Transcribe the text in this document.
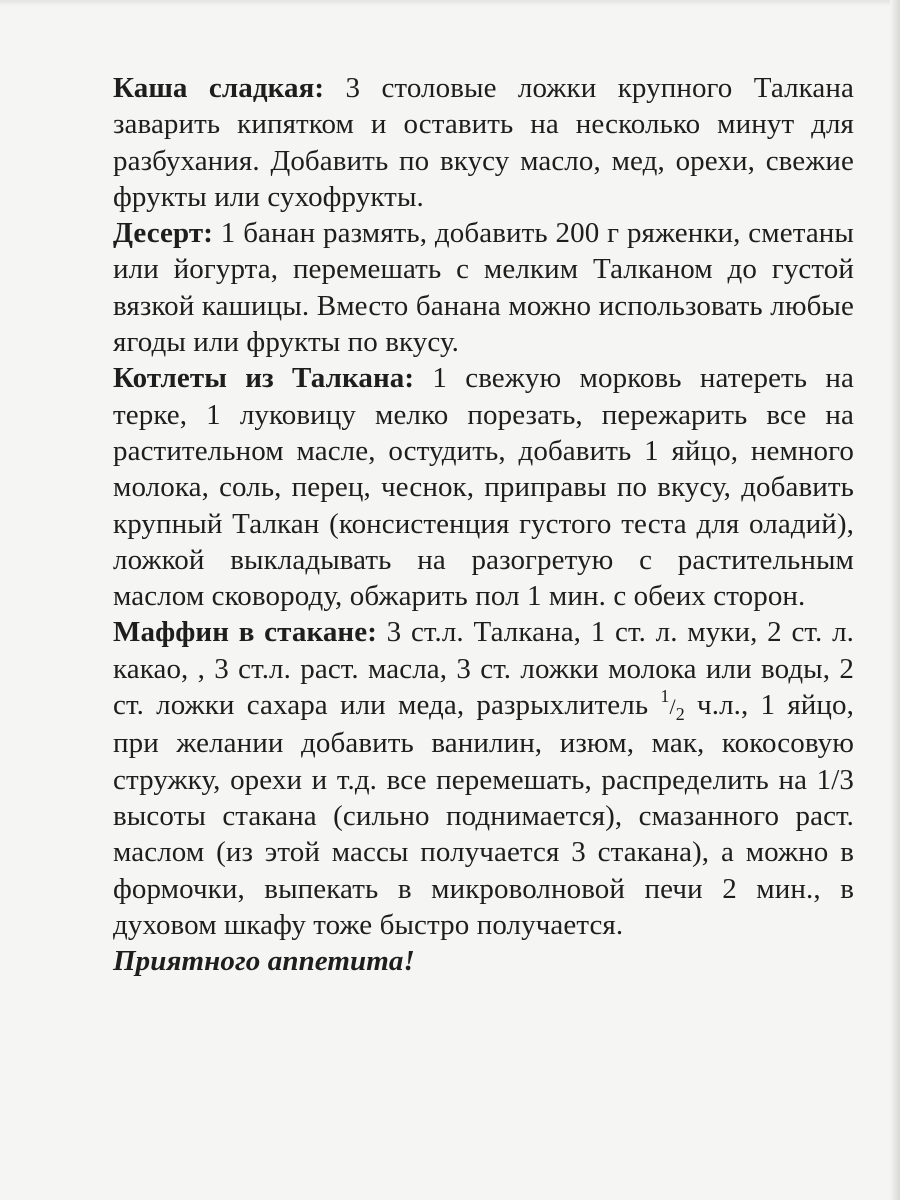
Каша сладкая: 3 столовые ложки крупного Талкана заварить кипятком и оставить на несколько минут для разбухания. Добавить по вкусу масло, мед, орехи, свежие фрукты или сухофрукты.

Десерт: 1 банан размять, добавить 200 г ряженки, сметаны или йогурта, перемешать с мелким Талканом до густой вязкой кашицы. Вместо банана можно использовать любые ягоды или фрукты по вкусу.

Котлеты из Талкана: 1 свежую морковь натереть на терке, 1 луковицу мелко порезать, пережарить все на растительном масле, остудить, добавить 1 яйцо, немного молока, соль, перец, чеснок, приправы по вкусу, добавить крупный Талкан (консистенция густого теста для оладий), ложкой выкладывать на разогретую с растительным маслом сковороду, обжарить пол 1 мин. с обеих сторон.

Маффин в стакане: 3 ст.л. Талкана, 1 ст. л. муки, 2 ст. л. какао, , 3 ст.л. раст. масла, 3 ст. ложки молока или воды, 2 ст. ложки сахара или меда, разрыхлитель $^1/_2$ ч.л., 1 яйцо, при желании добавить ванилин, изюм, мак, кокосовую стружку, орехи и т.д. все перемешать, распределить на 1/3 высоты стакана (сильно поднимается), смазанного раст. маслом (из этой массы получается 3 стакана), а можно в формочки, выпекать в микроволновой печи 2 мин., в духовом шкафу тоже быстро получается.

Приятного аппетита!
